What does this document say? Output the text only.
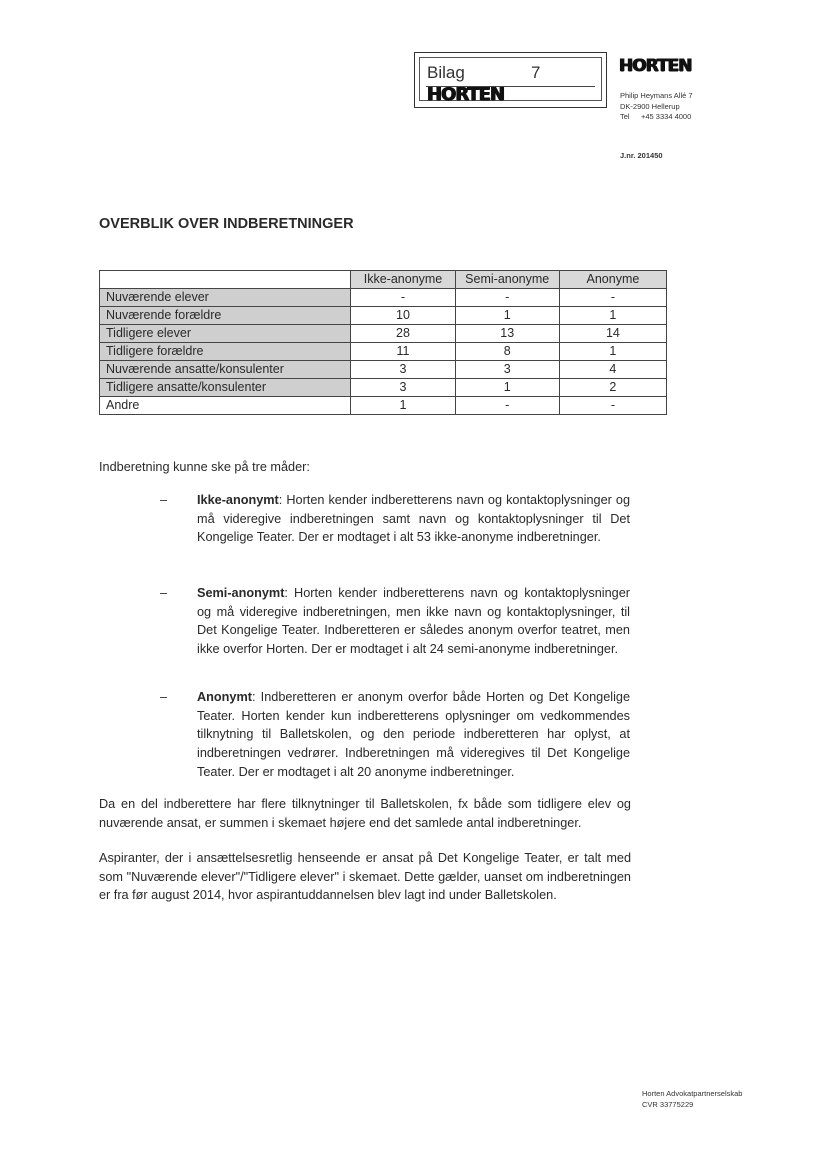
Bilag	7
HORTEN
HORTEN
Philip Heymans Allé 7
DK-2900 Hellerup
Tel	+45 3334 4000
J.nr. 201450
OVERBLIK OVER INDBERETNINGER
	Ikke-anonyme	Semi-anonyme	Anonyme
Nuværende elever	-	-	-
Nuværende forældre	10	1	1
Tidligere elever	28	13	14
Tidligere forældre	11	8	1
Nuværende ansatte/konsulenter	3	3	4
Tidligere ansatte/konsulenter	3	1	2
Andre	1	-	-

Indberetning kunne ske på tre måder:

– Ikke-anonymt: Horten kender indberetterens navn og kontaktoplysninger og må videregive indberetningen samt navn og kontaktoplysninger til Det Kongelige Teater. Der er modtaget i alt 53 ikke-anonyme indberetninger.
– Semi-anonymt: Horten kender indberetterens navn og kontaktoplysninger og må videregive indberetningen, men ikke navn og kontaktoplysninger, til Det Kongelige Teater. Indberetteren er således anonym overfor teatret, men ikke overfor Horten. Der er modtaget i alt 24 semi-anonyme indberetninger.
– Anonymt: Indberetteren er anonym overfor både Horten og Det Kongelige Teater. Horten kender kun indberetterens oplysninger om vedkommendes tilknytning til Balletskolen, og den periode indberetteren har oplyst, at indberetningen vedrører. Indberetningen må videregives til Det Kongelige Teater. Der er modtaget i alt 20 anonyme indberetninger.

Da en del indberettere har flere tilknytninger til Balletskolen, fx både som tidligere elev og nuværende ansat, er summen i skemaet højere end det samlede antal indberetninger.

Aspiranter, der i ansættelsesretlig henseende er ansat på Det Kongelige Teater, er talt med som "Nuværende elever"/"Tidligere elever" i skemaet. Dette gælder, uanset om indberetningen er fra før august 2014, hvor aspirantuddannelsen blev lagt ind under Balletskolen.

Horten Advokatpartnerselskab
CVR 33775229
